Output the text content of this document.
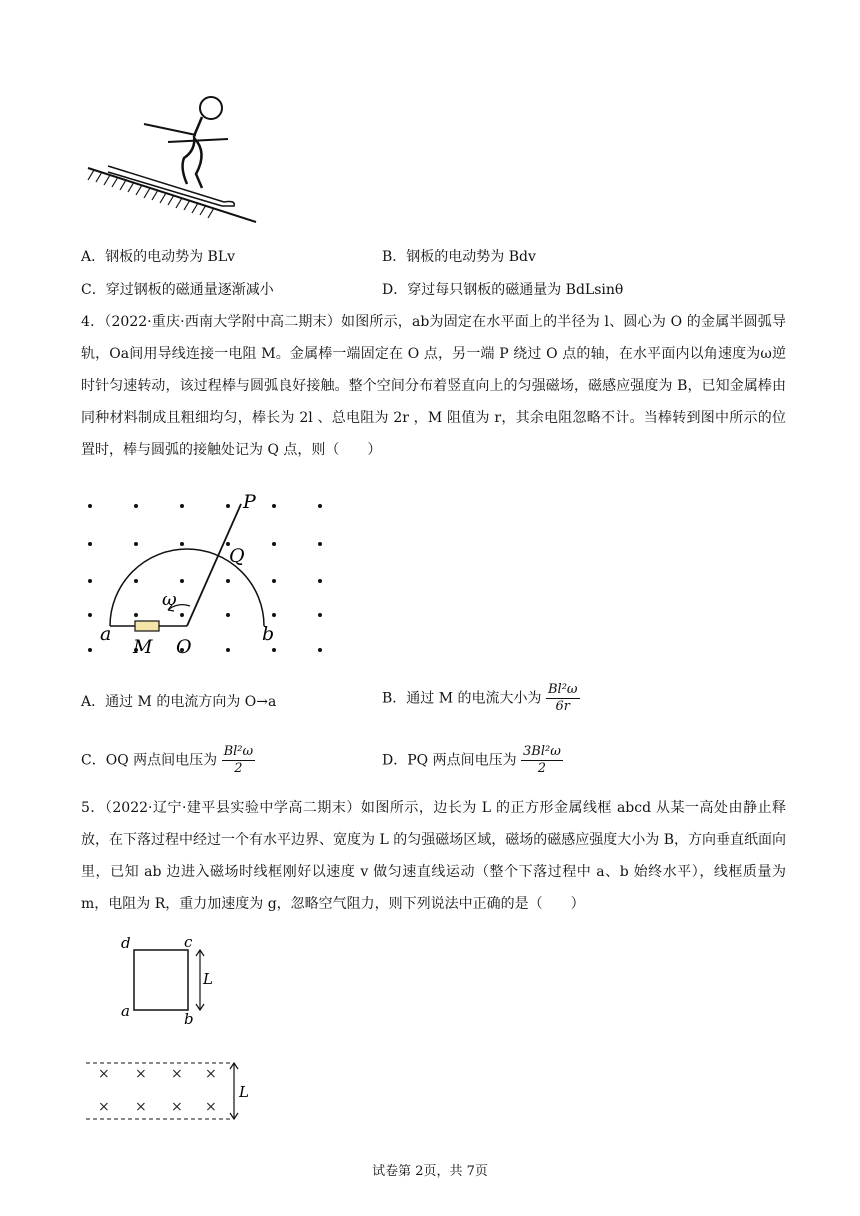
A．钢板的电动势为 BLv	B．钢板的电动势为 Bdv
C．穿过钢板的磁通量逐渐减小	D．穿过每只钢板的磁通量为 BdLsinθ

4．（2022·重庆·西南大学附中高二期末）如图所示，ab为固定在水平面上的半径为 l、圆心为 O 的金属半圆弧导轨，Oa间用导线连接一电阻 M。金属棒一端固定在 O 点，另一端 P 绕过 O 点的轴，在水平面内以角速度为ω逆时针匀速转动，该过程棒与圆弧良好接触。整个空间分布着竖直向上的匀强磁场，磁感应强度为 B，已知金属棒由同种材料制成且粗细均匀，棒长为 2l 、总电阻为 2r ，M 阻值为 r，其余电阻忽略不计。当棒转到图中所示的位置时，棒与圆弧的接触处记为 Q 点，则（　　）

P
Q
ω
a
M O
b
A．通过 M 的电流方向为 O→a	B．通过 M 的电流大小为 $\frac{\text{Bl²ω}}{6r}$
C．OQ 两点间电压为 $\frac{\text{Bl²ω}}{2}$	D．PQ 两点间电压为 $\frac{\text{3Bl²ω}}{2}$

5．（2022·辽宁·建平县实验中学高二期末）如图所示，边长为 L 的正方形金属线框 abcd 从某一高处由静止释放，在下落过程中经过一个有水平边界、宽度为 L 的匀强磁场区域，磁场的磁感应强度大小为 B，方向垂直纸面向里，已知 ab 边进入磁场时线框刚好以速度 v 做匀速直线运动（整个下落过程中 a、b 始终水平），线框质量为 m，电阻为 R，重力加速度为 g，忽略空气阻力，则下列说法中正确的是（　　）

d	c
a	b
L
× × × ×
× × × ×
L
试卷第 2页，共 7页
